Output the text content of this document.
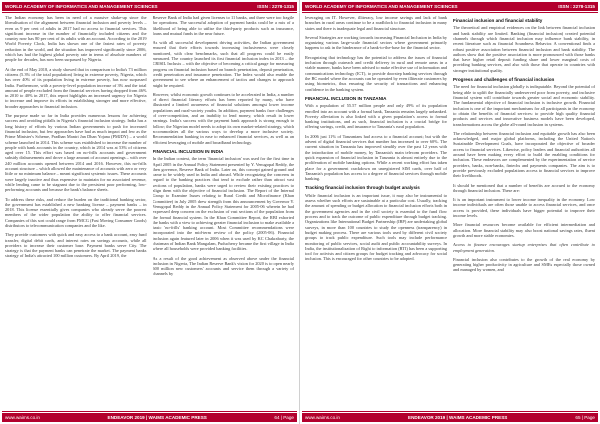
WORLD ACADEMY OF INFORMATICS AND MANAGEMENT SCIENCES	ISSN : 2278-1315

The Indian economy has been in need of a massive shake-up since the liberalisation of the alignment between financial inclusion and poverty levels – even as 9 per cent of adults in 2017 had no access to financial services. This significant increase in the number of financially included citizens and the country now has 80 per cent of its adults with an account. According to the 2019 World Poverty Clock, India has shown one of the fastest rates of poverty reduction in the world, and the situation has improved significantly since 2006, which has had the highest global poverty rate in terms of absolute numbers of people for decades, has now been surpassed by Nigeria.

At the end of May 2018, a study showed that in comparison to India's 73 million citizens (5.3% of the total population) living in extreme poverty, Nigeria, which has over 40% of its population living in extreme poverty, has now surpassed India. Furthermore, with a poverty-level population increase of 3% and the total amount of people excluded from the financial services having dropped from 46% in 2010 to 40% in 2017, this report highlights an increased urgency for Nigeria to increase and improve its efforts in establishing stronger and more effective, broader approaches to financial inclusion.

The purpose made so far in India provides numerous lessons for achieving success and avoiding pitfalls in Nigeria's financial inclusion strategy. India has a long history of efforts by various Indian governments to push for increased financial inclusion, but few approaches have had as much impact and few as the Prime Minister's Scheme, Pradhan Mantri Jan Dhan Yojana (PMJDY) – a world scheme launched in 2014. This scheme was established to increase the number of people with bank accounts in the country, which in 2014 was at 53% of citizens aged over 15. This effort was based on no-frills accounts and government subsidy disbursements and drove a large amount of account openings – with over 240 million accounts opened between 2014 and 2016. However, this no-frills account structure – which allowed the maintenance of accounts with zero or very little or no minimum balance – meant significant systemic issues. These accounts were largely inactive and thus expensive to maintain for no associated revenue, while lending came to be stagnant due to the persistent poor performing, low-performing accounts and because the bank's balance sheets.

To address these risks, and reduce the burden on the traditional banking sector, the government has established a new banking license – payment banks – in 2018. This license essentially gives companies who already serve the poorest members of the wider population the ability to offer financial services. Companies of this sort could range from FMCG (Fast Moving Consumer Goods) distributors to telecommunication companies and the like.

They provide customers with quick and easy access to a bank account, easy fund transfer, digital debit cards, and interest rates on savings accounts, while all providers to increase their customer base. Payment banks serve City. The strategy is that the payment banks can penetrate the market. The payment banks strategy of India's attracted 100 million customers. By April 2019, the

Reserve Bank of India had given licenses to 11 banks, and three were too fragile for operations. The successful adoption of payment banks could be a mix of a likelihood of being able to utilise the third-party products such as insurance, loans and mutual funds in the near future.

As with all successful development driving activities, the Indian government ensured that their efforts towards increasing inclusiveness were closely monitored, with clear benchmarks, such that all progress could be easily measured. The country launched its first financial inclusion index in 2013 – the CRISIL Inclusix – with the objective of becoming a critical gauge for measuring progress on financial inclusion based on branch penetration, deposit penetration, credit penetration and insurance penetration. The Index would also enable the government to see where an enhancement of tactics and changes to approach might be required.

However, whilst economic growth continues to be accelerated in India, a number of direct financial literacy efforts has been reported by many, who have illustrated a limited awareness of financial solutions amongst lower income populations and rural-society youths. In addition, payment banks face challenges of over-competition, and an inability to lend money, which result in lower earnings. India's success with the payment bank approach is strong enough to follow; the Nigerian model needs to adopt its own market-related strategy, which accommodates all the various ways to develop a more inclusive society. Recommendation banking in ease to enhanced financial services, as well as an efficient leveraging of mobile and broadband technology.

FINANCIAL INCLUSION IN INDIA

In the Indian context, the term 'financial inclusion' was used for the first time in April 2005 in the Annual Policy Statement presented by Y. Venugopal Reddy, the then governor, Reserve Bank of India. Later on, this concept gained ground and came to be widely used in India and abroad. While recognizing the concerns in regard to the banking practices that tend to exclude rather than attract vast sections of population, banks were urged to review their existing practices to align them with the objective of financial inclusion. The Report of the Internal Group to Examine Issues relating to Rural Credit and Microfinance (Khan Committee) in July 2005 drew strength from this announcement by Governor Y. Venugopal Reddy in the Annual Policy Statement for 2005-06 wherein he had expressed deep concern on the exclusion of vast sections of the population from the formal financial system. In the Khan Committee Report, the RBI exhorted the banks with a view to achieving greater financial inclusion to make available a basic 'no-frills' banking account. Most Committee recommendations were incorporated into the mid-term review of the policy (2005-06). Financial inclusion again featured later in 2006 when it was used by KC Chakrabarty, the chairman of Indian Bank Mangalam, Puducherry became the first village in India where all households were provided banking facilities.

As a result of the good achievement as observed above under the financial inclusion in Nigeria, The Indian Reserve Bank's vision for 2020 is to open nearly 600 million new customers' accounts and service them through a variety of channels by

www.waims.co.in	ENDEAVOR 2019 | WAIMS ACADEMIC PRESS	64 | Page
WORLD ACADEMY OF INFORMATICS AND MANAGEMENT SCIENCES	ISSN : 2278-1315

leveraging on IT. However, illiteracy, low income savings and lack of bank branches in rural areas continue to be a roadblock to financial inclusion in many states and there is inadequate legal and financial structure.

Several Strategies are working towards increasing Financial Inclusion in India by organizing various large-scale financial sectors where government primarily happens to ask in the hinderance of a bank-to-the-base for the financial sector.

Recognizing that technology has the potential to address the issues of financial inclusion through outreach and credit delivery in rural and remote areas in a viable manner, banks have been advised to make effective use of information and communications technology (ICT), to provide doorstep banking services through the BC model where the accounts can be operated by even illiterate customers by using biometrics, thus ensuring the security of transactions and enhancing confidence in the banking system.

FINANCIAL INCLUSION IN TANZANIA

With a population of 55.57 million people and only 49% of its population enrolled into an account with a formal bank, Tanzania remains largely unbanked. Poverty alleviation is also linked with a given population's access to formal banking institutions, and as such, financial inclusion is a crucial bridge for offering savings, credit, and insurance to Tanzania's rural population.

In 2006 just 11% of Tanzanians had access to a financial account; but with the advent of digital financial services that number has increased to over 60%. The current situation in Tanzania has improved steadily over the past 12 years with the introduction of mobile money, by Tanzania's main telecom providers. The quick expansion of financial inclusion in Tanzania is almost entirely due to the proliferation of mobile banking options. While a recent working effort has taken place for a government crackdown on unregistered SIM cards, over half of Tanzania's population has access to a degree of financial services through mobile banking.

Tracking financial inclusion through budget analysis

While financial inclusion is an important issue, it may also be instrumental to assess whether such efforts are sustainable at a particular cost. Usually, tracking the amount of spending or budget allocation to financial inclusion efforts both in the government agencies and in the civil society is essential to the fund flow process and to track the outcome of public expenditure through budget tracking. Organizations like International Budget Partnership (IBP) are undertaking global surveys, in more than 100 countries to study the openness (transparency) in budget making process. There are various tools used by different civil society groups to track public expenditure. Such tools may include performance monitoring of public services, social audit and public accountability surveys. In India, the institutionalization of Right to information (RTI) has been a supporting tool for activists and citizen groups for budget tracking and advocacy for social inclusion. This is encouraged for other countries to be adopted.

Financial inclusion and financial stability

The theoretical and empirical evidences on the link between financial inclusion and bank stability are limited. Banking (financial inclusion) created potential channels through which financial inclusion may influence bank stability, in recent literature such as financial Soundness Behavior. A conventional finds a robust positive association between financial inclusion and bank stability. The authors show that the positive association is more pronounced with those banks that have higher retail deposit funding share and lower marginal costs of providing banking services, and also with those that operate in countries with stronger institutional quality.

Progress and challenges of financial inclusion

The need for financial inclusion globally is indisputable. Beyond the potential of being able to uplift the financially underserved poor from poverty, and inclusive financial system will contribute towards greater social and economic stability. The fundamental objective of financial inclusion is inclusive growth. Financial inclusion is one of the important mechanisms for all participants in the economy to obtain the benefits of financial services: to provide high quality financial products and services and innovative business models have been developed, transformations across the globe all-round inclusion in systems.

The relationship between financial inclusion and equitable growth has also been acknowledged, and major global platforms, including the United Nation's Sustainable Development Goals, have incorporated the objective of broader access to financial services. Likewise, policy leaders and financial authorities all around have been making every effort to build the enabling conditions for inclusion. These endeavors are complemented by the experimentation of service providers, banks, non-banks, fintechs and payments companies. The aim is to provide previously excluded populations access to financial services to improve their livelihoods.

It should be mentioned that a number of benefits are accrued to the economy through financial inclusion. These are:

It is an important instrument to lower income inequality in the economy. Low income individuals are often those unable to access financial services, and once access is provided, these individuals have bigger potential to improve their income levels.

More financial resources become available for efficient intermediation and allocation. More financial stability may also boost national savings rates, fluent growth and more stable economies.

Access to finance encourages startup enterprises that often contribute to employment generation.

Financial inclusion also contributes to the growth of the real economy by generating higher productivity in agriculture and SMEs especially those owned and managed by women, and

www.waims.co.in	ENDEAVOR 2019 | WAIMS ACADEMIC PRESS	65 | Page
